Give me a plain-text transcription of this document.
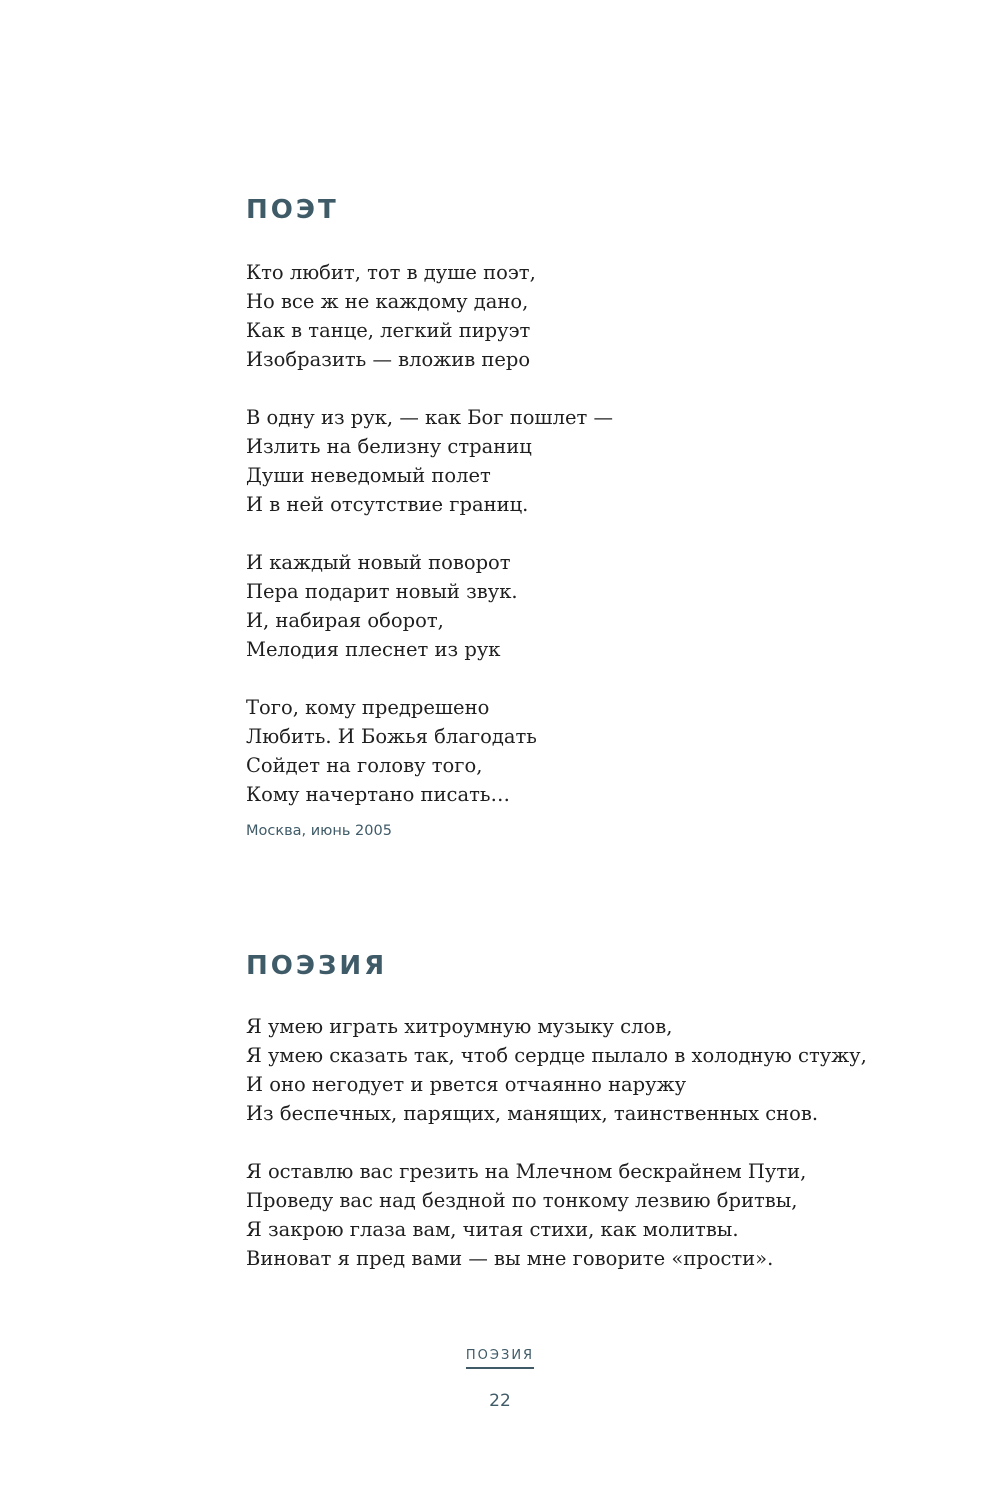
ПОЭТ
Кто любит, тот в душе поэт,
Но все ж не каждому дано,
Как в танце, легкий пируэт
Изобразить — вложив перо
В одну из рук, — как Бог пошлет —
Излить на белизну страниц
Души неведомый полет
И в ней отсутствие границ.
И каждый новый поворот
Пера подарит новый звук.
И, набирая оборот,
Мелодия плеснет из рук
Того, кому предрешено
Любить. И Божья благодать
Сойдет на голову того,
Кому начертано писать…
Москва, июнь 2005
ПОЭЗИЯ
Я умею играть хитроумную музыку слов,
Я умею сказать так, чтоб сердце пылало в холодную стужу,
И оно негодует и рвется отчаянно наружу
Из беспечных, парящих, манящих, таинственных снов.
Я оставлю вас грезить на Млечном бескрайнем Пути,
Проведу вас над бездной по тонкому лезвию бритвы,
Я закрою глаза вам, читая стихи, как молитвы.
Виноват я пред вами — вы мне говорите «прости».
ПОЭЗИЯ
22
